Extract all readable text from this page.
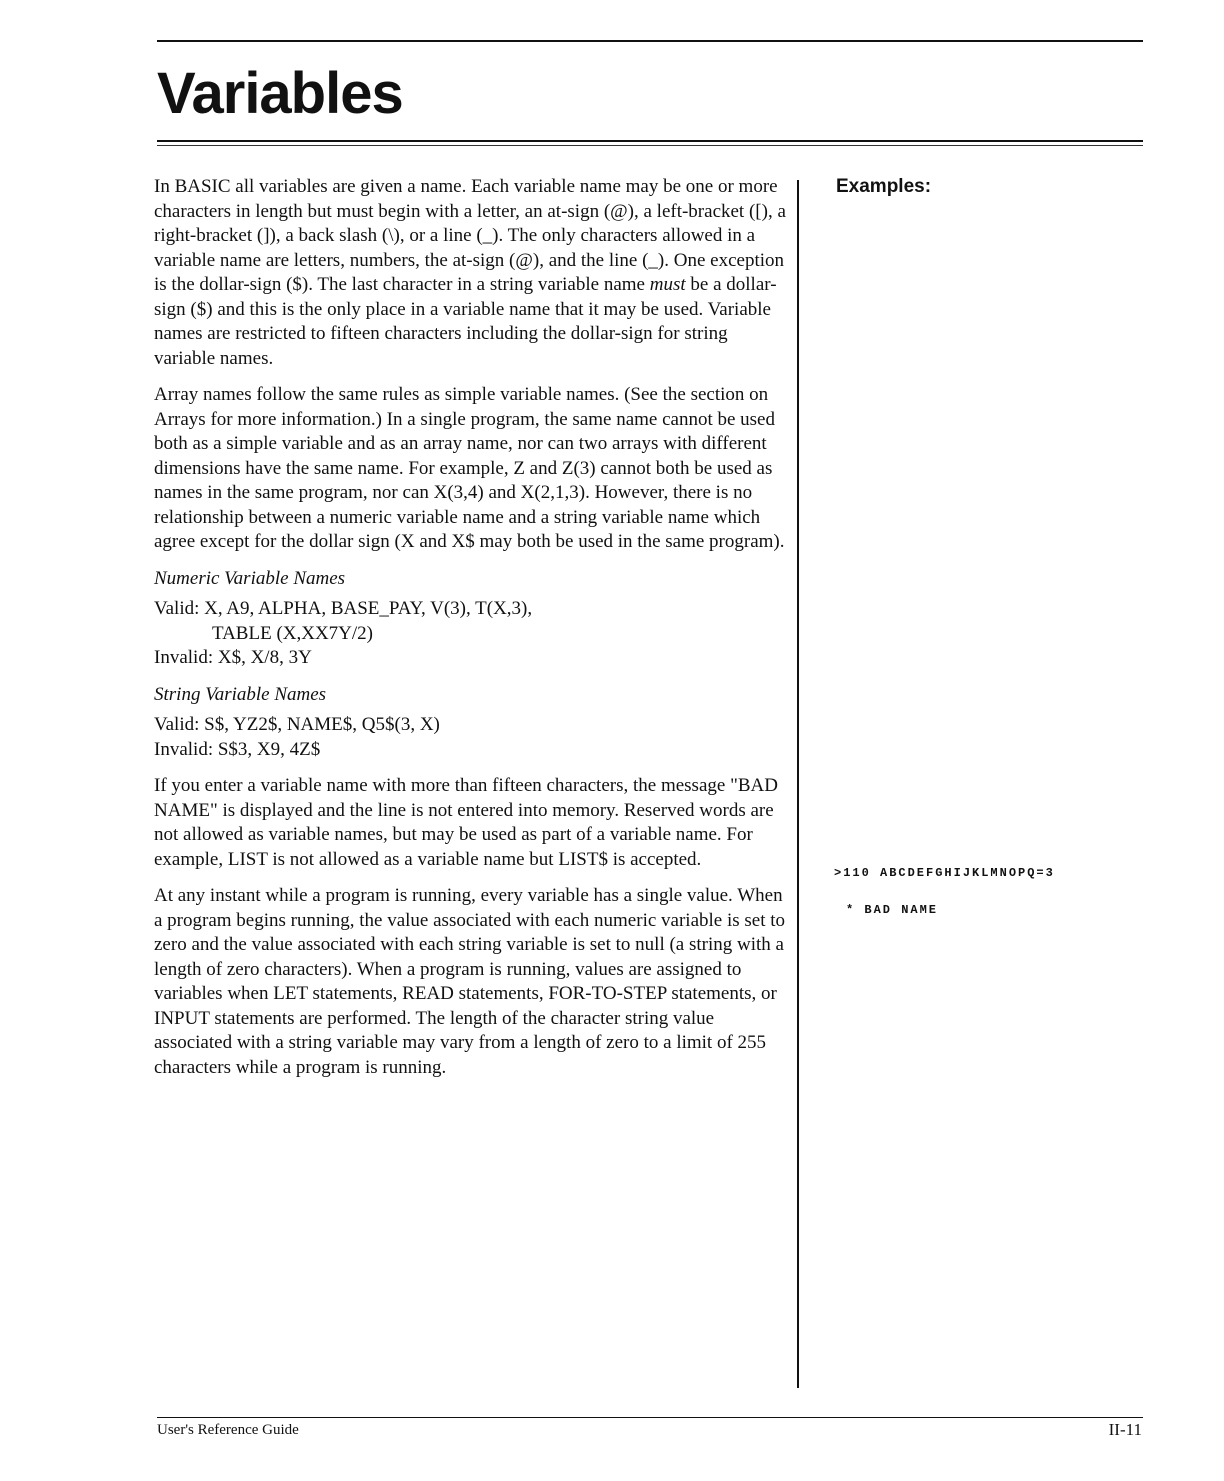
Variables

In BASIC all variables are given a name. Each variable name may be one or more characters in length but must begin with a letter, an at-sign (@), a left-bracket ([), a right-bracket (]), a back slash (\), or a line (_). The only characters allowed in a variable name are letters, numbers, the at-sign (@), and the line (_). One exception is the dollar-sign ($). The last character in a string variable name must be a dollar-sign ($) and this is the only place in a variable name that it may be used. Variable names are restricted to fifteen characters including the dollar-sign for string variable names.

Array names follow the same rules as simple variable names. (See the section on Arrays for more information.) In a single program, the same name cannot be used both as a simple variable and as an array name, nor can two arrays with different dimensions have the same name. For example, Z and Z(3) cannot both be used as names in the same program, nor can X(3,4) and X(2,1,3). However, there is no relationship between a numeric variable name and a string variable name which agree except for the dollar sign (X and X$ may both be used in the same program).

Numeric Variable Names
Valid: X, A9, ALPHA, BASE_PAY, V(3), T(X,3),
TABLE (X,XX7Y/2)
Invalid: X$, X/8, 3Y
String Variable Names
Valid: S$, YZ2$, NAME$, Q5$(3, X)
Invalid: S$3, X9, 4Z$

If you enter a variable name with more than fifteen characters, the message "BAD NAME" is displayed and the line is not entered into memory. Reserved words are not allowed as variable names, but may be used as part of a variable name. For example, LIST is not allowed as a variable name but LIST$ is accepted.

At any instant while a program is running, every variable has a single value. When a program begins running, the value associated with each numeric variable is set to zero and the value associated with each string variable is set to null (a string with a length of zero characters). When a program is running, values are assigned to variables when LET statements, READ statements, FOR-TO-STEP statements, or INPUT statements are performed. The length of the character string value associated with a string variable may vary from a length of zero to a limit of 255 characters while a program is running.

Examples:
>110 ABCDEFGHIJKLMNOPQ=3
* BAD NAME
User's Reference Guide	II-11
